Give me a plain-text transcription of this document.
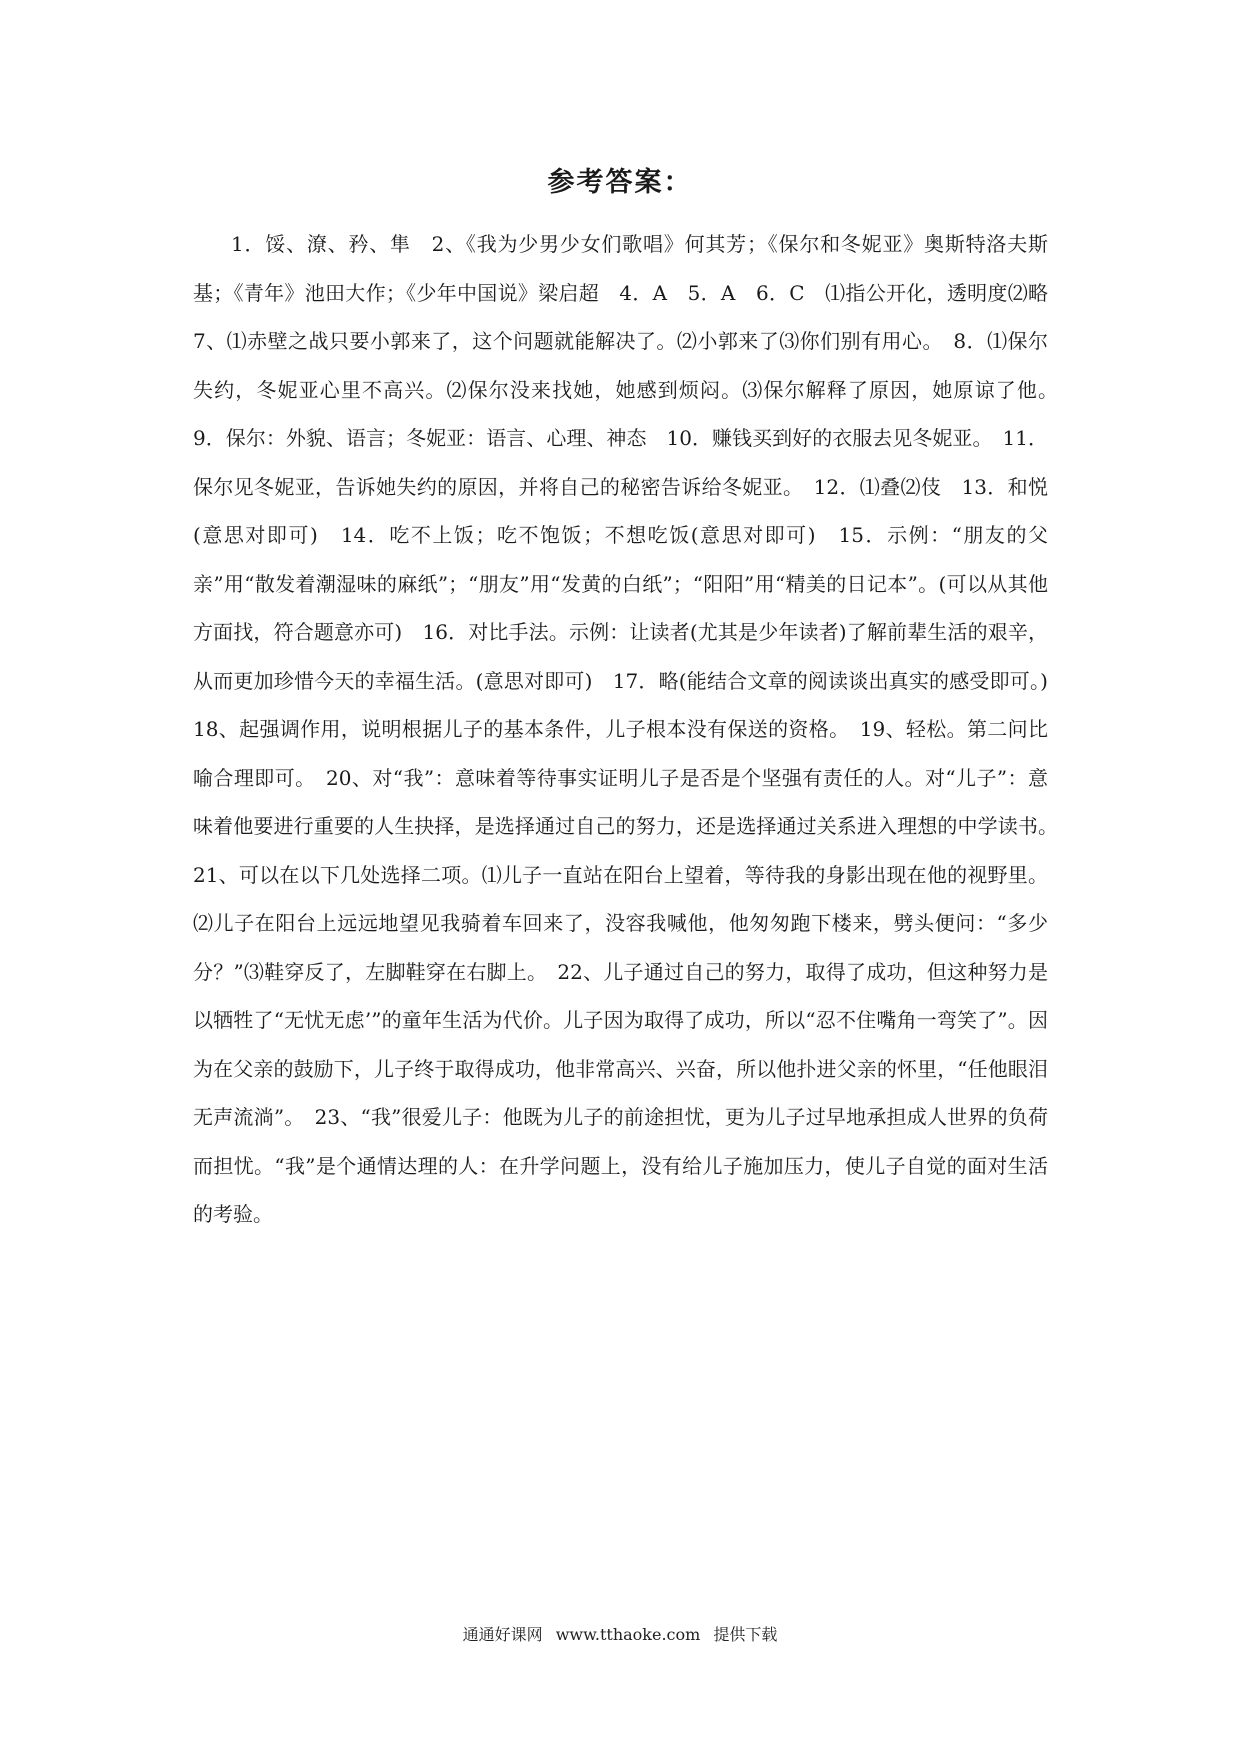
参考答案：

1．馁、潦、矜、隼　2、《我为少男少女们歌唱》何其芳；《保尔和冬妮亚》奥斯特洛夫斯基；《青年》池田大作；《少年中国说》梁启超　4．A　5．A　6．C　⑴指公开化，透明度⑵略　7、⑴赤壁之战只要小郭来了，这个问题就能解决了。⑵小郭来了⑶你们别有用心。　8．⑴保尔失约，冬妮亚心里不高兴。⑵保尔没来找她，她感到烦闷。⑶保尔解释了原因，她原谅了他。　9．保尔：外貌、语言；冬妮亚：语言、心理、神态　10．赚钱买到好的衣服去见冬妮亚。　11．保尔见冬妮亚，告诉她失约的原因，并将自己的秘密告诉给冬妮亚。　12．⑴叠⑵伎　13．和悦(意思对即可)　14．吃不上饭；吃不饱饭；不想吃饭(意思对即可)　15．示例：“朋友的父亲”用“散发着潮湿味的麻纸”；“朋友”用“发黄的白纸”；“阳阳”用“精美的日记本”。(可以从其他方面找，符合题意亦可)　16．对比手法。示例：让读者(尤其是少年读者)了解前辈生活的艰辛，从而更加珍惜今天的幸福生活。(意思对即可)　17．略(能结合文章的阅读谈出真实的感受即可。)　18、起强调作用，说明根据儿子的基本条件，儿子根本没有保送的资格。　19、轻松。第二问比喻合理即可。　20、对“我”：意味着等待事实证明儿子是否是个坚强有责任的人。对“儿子”：意味着他要进行重要的人生抉择，是选择通过自己的努力，还是选择通过关系进入理想的中学读书。　21、可以在以下几处选择二项。⑴儿子一直站在阳台上望着，等待我的身影出现在他的视野里。⑵儿子在阳台上远远地望见我骑着车回来了，没容我喊他，他匆匆跑下楼来，劈头便问：“多少分？”⑶鞋穿反了，左脚鞋穿在右脚上。　22、儿子通过自己的努力，取得了成功，但这种努力是以牺牲了“无忧无虑’”的童年生活为代价。儿子因为取得了成功，所以“忍不住嘴角一弯笑了”。因为在父亲的鼓励下，儿子终于取得成功，他非常高兴、兴奋，所以他扑进父亲的怀里，“任他眼泪无声流淌”。　23、“我”很爱儿子：他既为儿子的前途担忧，更为儿子过早地承担成人世界的负荷而担忧。“我”是个通情达理的人：在升学问题上，没有给儿子施加压力，使儿子自觉的面对生活的考验。

通通好课网 www.tthaoke.com 提供下载
